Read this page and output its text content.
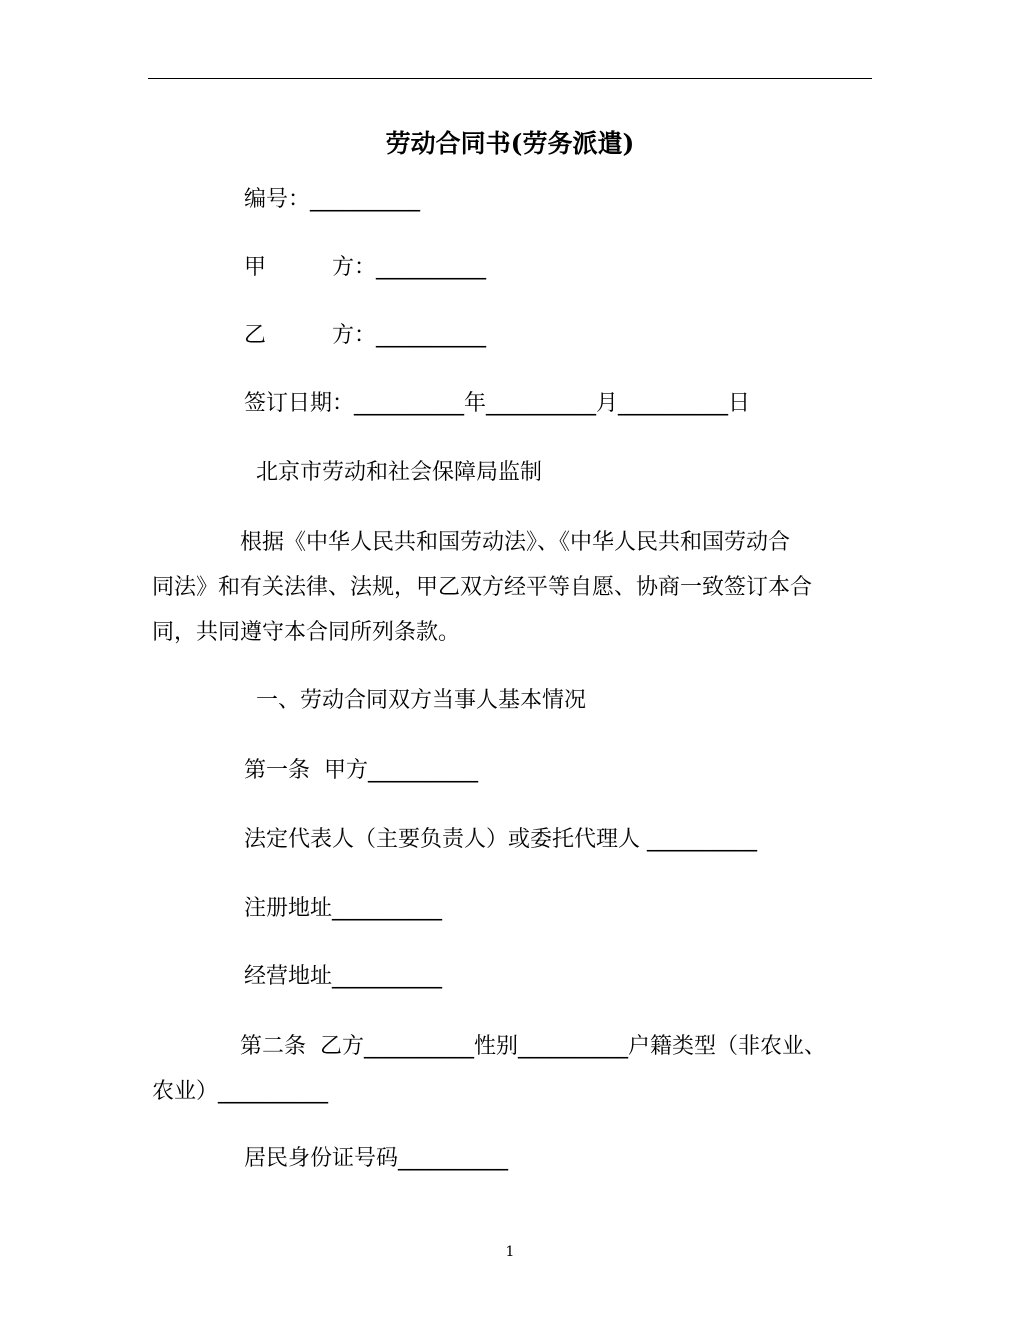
劳动合同书(劳务派遣)
编号：__________
甲　　　方：__________
乙　　　方：__________
签订日期：__________年__________月__________日
北京市劳动和社会保障局监制
　　　　根据《中华人民共和国劳动法》、《中华人民共和国劳动合
同法》和有关法律、法规，甲乙双方经平等自愿、协商一致签订本合
同，共同遵守本合同所列条款。
一、劳动合同双方当事人基本情况
第一条  甲方__________
法定代表人（主要负责人）或委托代理人 __________
注册地址__________
经营地址__________
　　　　第二条  乙方__________性别__________户籍类型（非农业、
农业）__________
居民身份证号码__________
1
